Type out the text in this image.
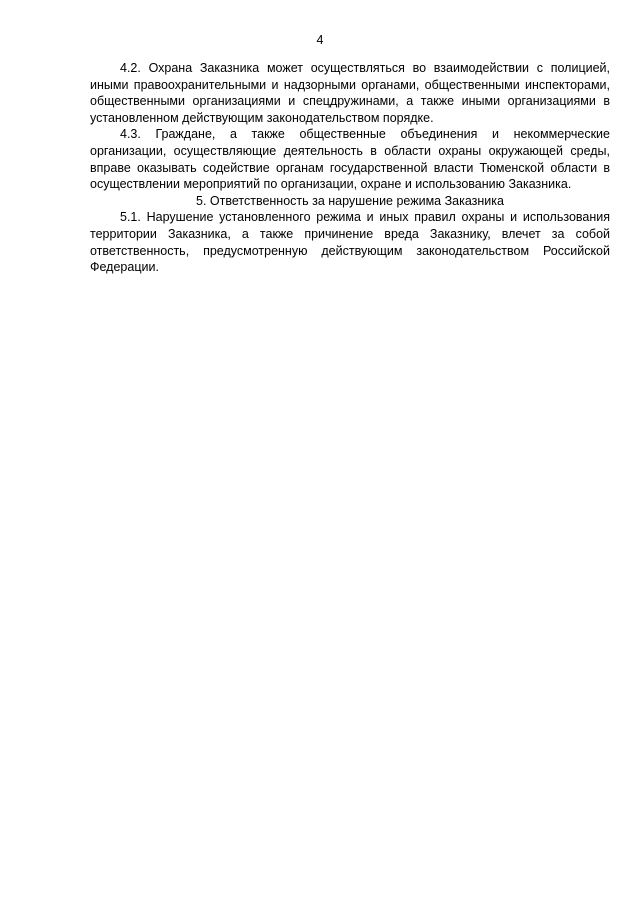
4

4.2. Охрана Заказника может осуществляться во взаимодействии с полицией, иными правоохранительными и надзорными органами, общественными инспекторами, общественными организациями и спецдружинами, а также иными организациями в установленном действующим законодательством порядке.

4.3. Граждане, а также общественные объединения и некоммерческие организации, осуществляющие деятельность в области охраны окружающей среды, вправе оказывать содействие органам государственной власти Тюменской области в осуществлении мероприятий по организации, охране и использованию Заказника.

5. Ответственность за нарушение режима Заказника

5.1. Нарушение установленного режима и иных правил охраны и использования территории Заказника, а также причинение вреда Заказнику, влечет за собой ответственность, предусмотренную действующим законодательством Российской Федерации.
